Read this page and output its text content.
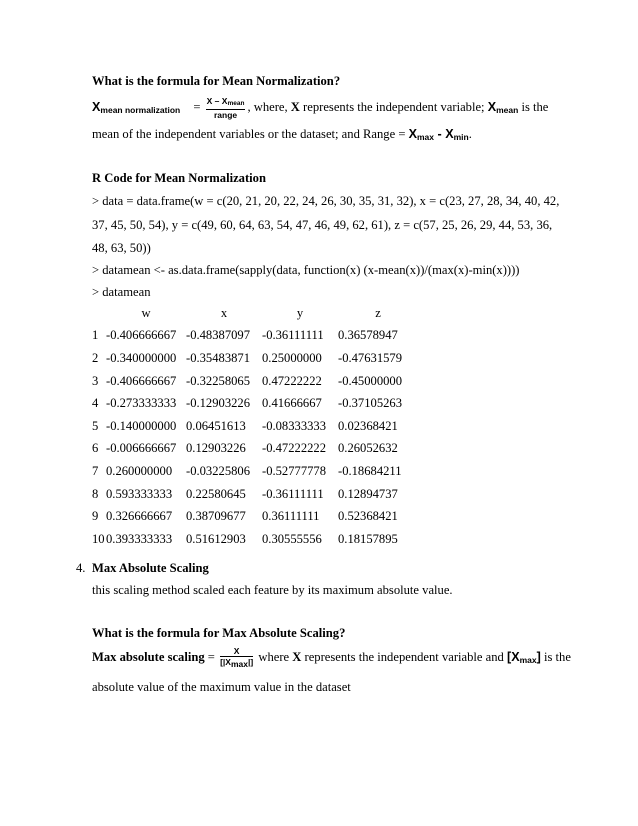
What is the formula for Mean Normalization?
$X_{mean normalization} = \frac{X - X_{mean}}{\text{range}}$ , where, X represents the independent variable; $X_{mean}$ is the
mean of the independent variables or the dataset; and Range = $X_{max} - X_{min}$.
R Code for Mean Normalization
> data = data.frame(w = c(20, 21, 20, 22, 24, 26, 30, 35, 31, 32), x = c(23, 27, 28, 34, 40, 42,
37, 45, 50, 54), y = c(49, 60, 64, 63, 54, 47, 46, 49, 62, 61), z = c(57, 25, 26, 29, 44, 53, 36,
48, 63, 50))
> datamean <- as.data.frame(sapply(data, function(x) (x-mean(x))/(max(x)-min(x))))
> datamean
	w	x	y	z
1	-0.406666667	-0.48387097	-0.36111111	0.36578947
2	-0.340000000	-0.35483871	0.25000000	-0.47631579
3	-0.406666667	-0.32258065	0.47222222	-0.45000000
4	-0.273333333	-0.12903226	0.41666667	-0.37105263
5	-0.140000000	0.06451613	-0.08333333	0.02368421
6	-0.006666667	0.12903226	-0.47222222	0.26052632
7	0.260000000	-0.03225806	-0.52777778	-0.18684211
8	0.593333333	0.22580645	-0.36111111	0.12894737
9	0.326666667	0.38709677	0.36111111	0.52368421
10	0.393333333	0.51612903	0.30555556	0.18157895
4. Max Absolute Scaling
this scaling method scaled each feature by its maximum absolute value.
What is the formula for Max Absolute Scaling?
Max absolute scaling = $\frac{X}{[|X_{max}|]}$ where X represents the independent variable and $[X_{max}]$ is the
absolute value of the maximum value in the dataset
